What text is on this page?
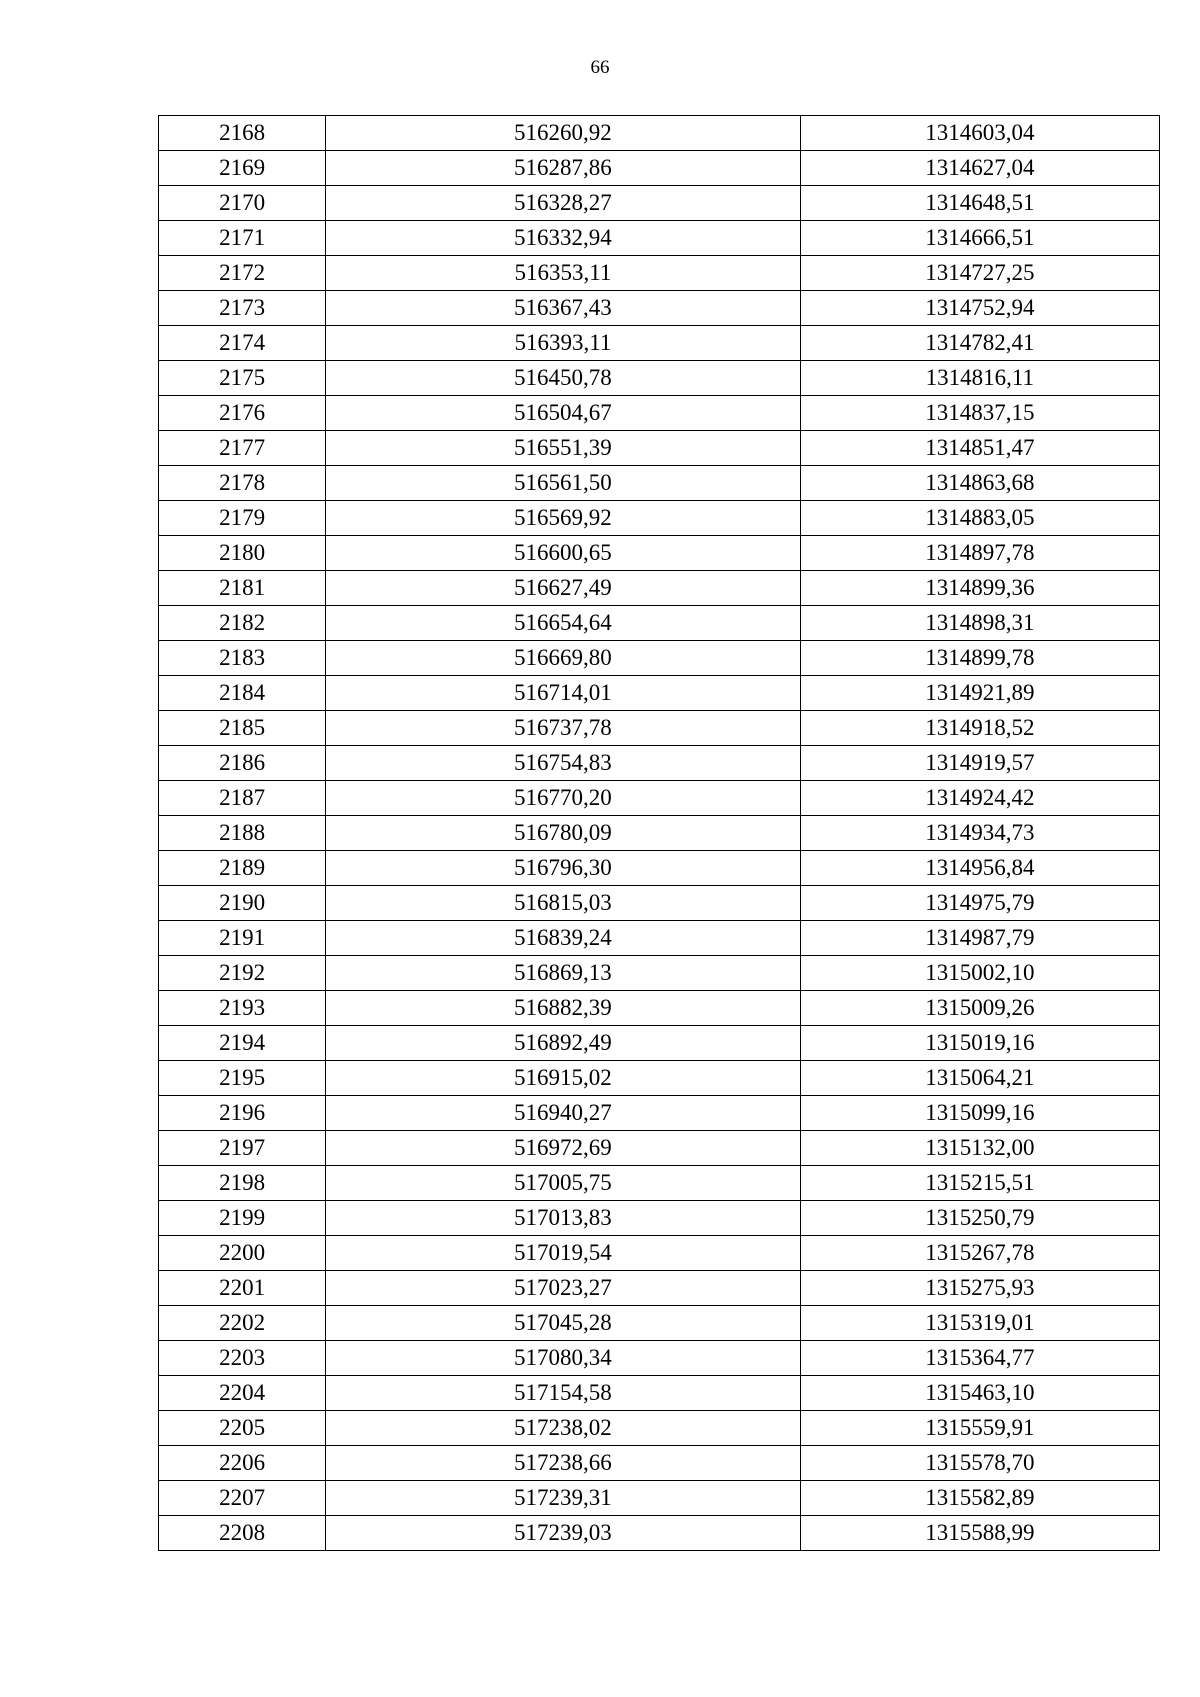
66
2168	516260,92	1314603,04
2169	516287,86	1314627,04
2170	516328,27	1314648,51
2171	516332,94	1314666,51
2172	516353,11	1314727,25
2173	516367,43	1314752,94
2174	516393,11	1314782,41
2175	516450,78	1314816,11
2176	516504,67	1314837,15
2177	516551,39	1314851,47
2178	516561,50	1314863,68
2179	516569,92	1314883,05
2180	516600,65	1314897,78
2181	516627,49	1314899,36
2182	516654,64	1314898,31
2183	516669,80	1314899,78
2184	516714,01	1314921,89
2185	516737,78	1314918,52
2186	516754,83	1314919,57
2187	516770,20	1314924,42
2188	516780,09	1314934,73
2189	516796,30	1314956,84
2190	516815,03	1314975,79
2191	516839,24	1314987,79
2192	516869,13	1315002,10
2193	516882,39	1315009,26
2194	516892,49	1315019,16
2195	516915,02	1315064,21
2196	516940,27	1315099,16
2197	516972,69	1315132,00
2198	517005,75	1315215,51
2199	517013,83	1315250,79
2200	517019,54	1315267,78
2201	517023,27	1315275,93
2202	517045,28	1315319,01
2203	517080,34	1315364,77
2204	517154,58	1315463,10
2205	517238,02	1315559,91
2206	517238,66	1315578,70
2207	517239,31	1315582,89
2208	517239,03	1315588,99
